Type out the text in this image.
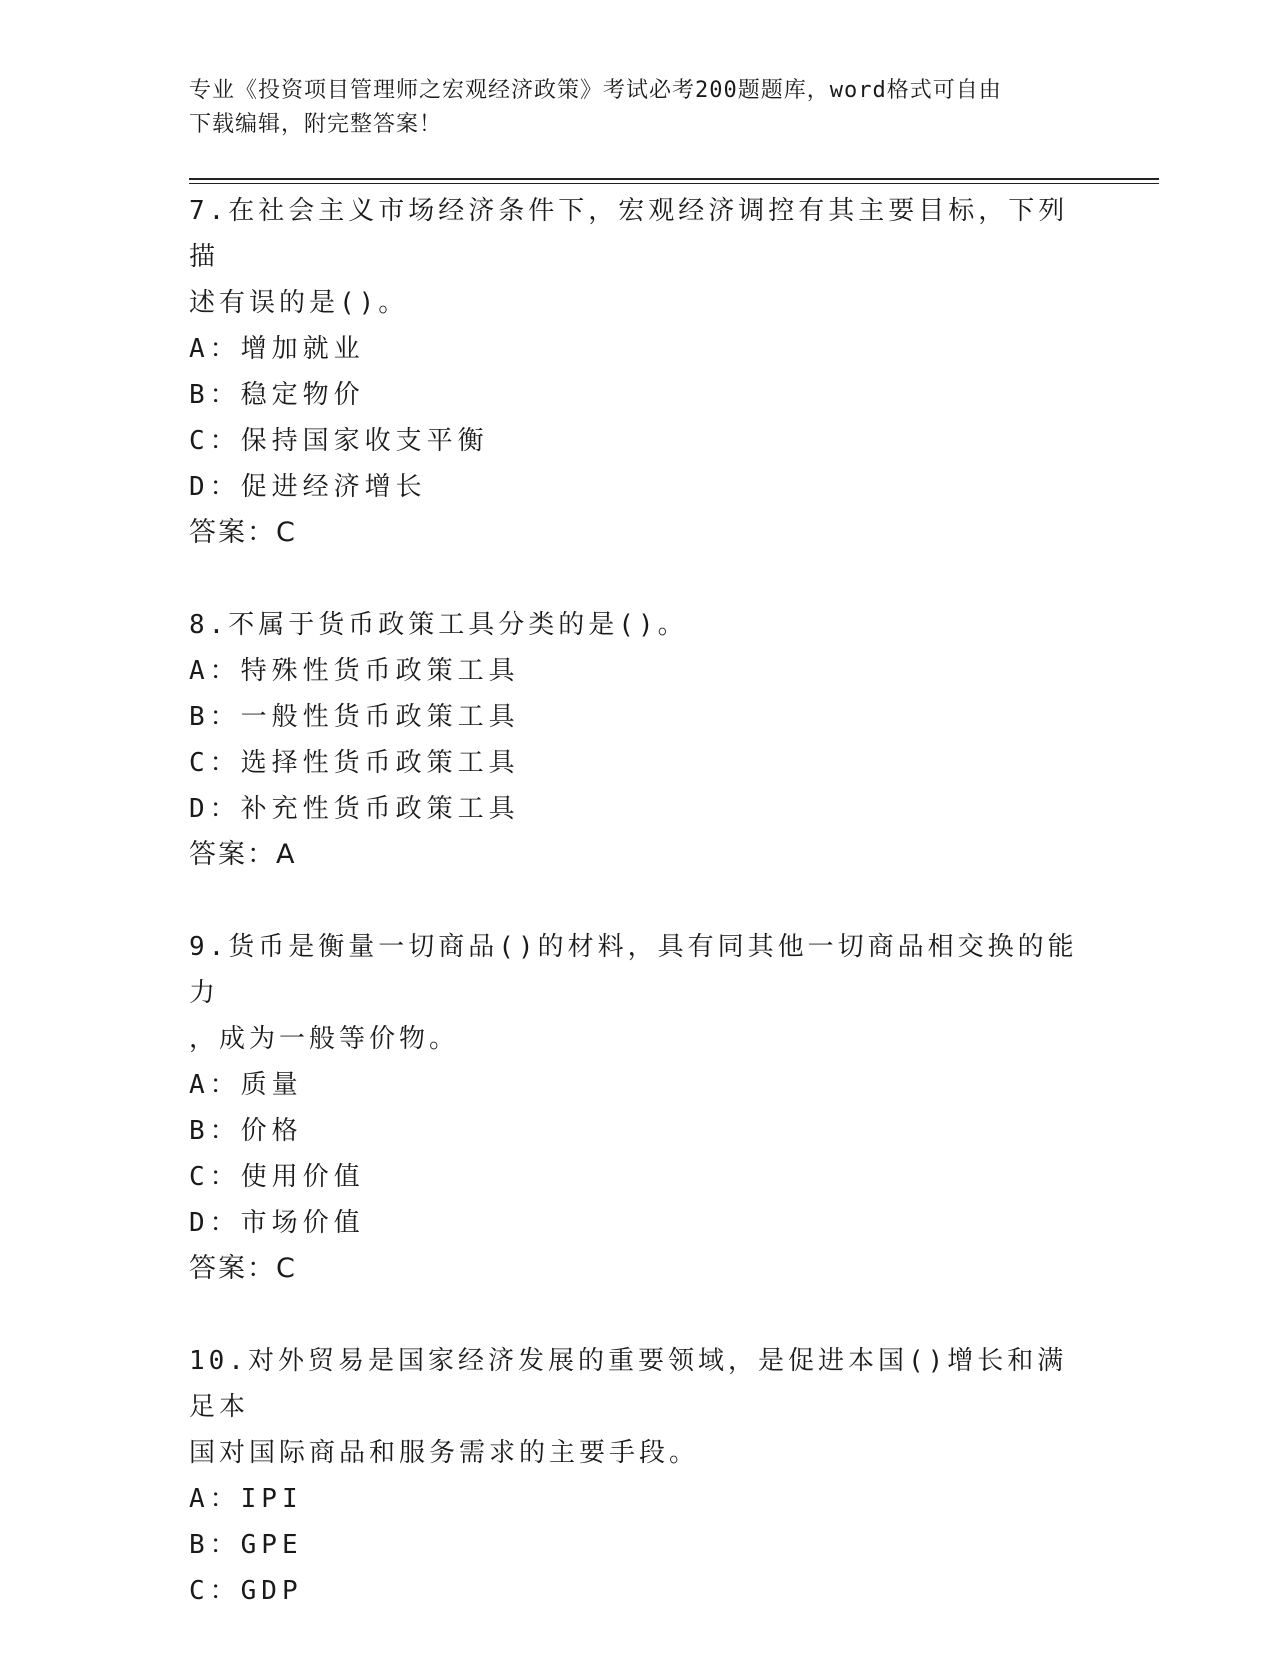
专业《投资项目管理师之宏观经济政策》考试必考200题题库，word格式可自由
下载编辑，附完整答案！

7.在社会主义市场经济条件下，宏观经济调控有其主要目标，下列描

述有误的是()。

A：增加就业

B：稳定物价

C：保持国家收支平衡

D：促进经济增长

答案：C

8.不属于货币政策工具分类的是()。

A：特殊性货币政策工具

B：一般性货币政策工具

C：选择性货币政策工具

D：补充性货币政策工具

答案：A

9.货币是衡量一切商品()的材料，具有同其他一切商品相交换的能力

，成为一般等价物。

A：质量

B：价格

C：使用价值

D：市场价值

答案：C

10.对外贸易是国家经济发展的重要领域，是促进本国()增长和满足本

国对国际商品和服务需求的主要手段。

A：IPI

B：GPE

C：GDP
